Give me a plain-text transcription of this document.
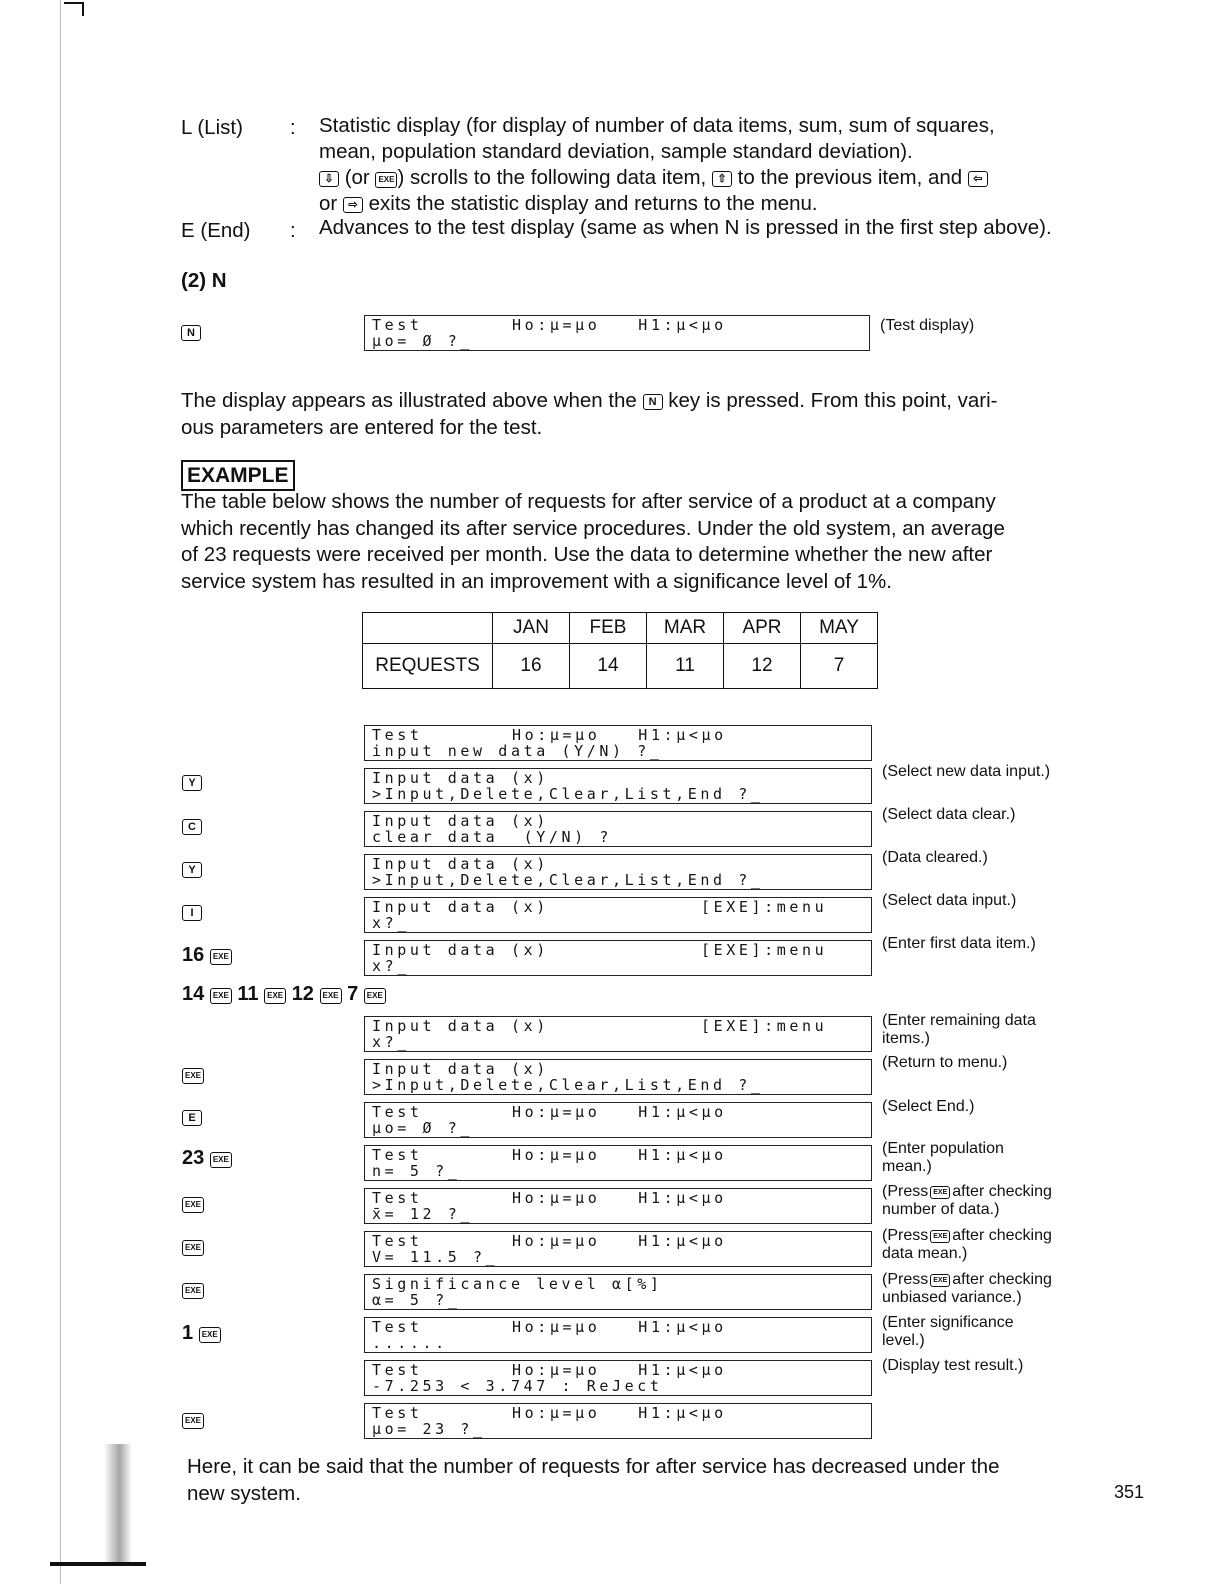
L (List) : Statistic display (for display of number of data items, sum, sum of squares,
mean, population standard deviation, sample standard deviation).
⇩ (or EXE ) scrolls to the following data item, ⇧ to the previous item, and ⇦
or ⇨ exits the statistic display and returns to the menu.
E (End) : Advances to the test display (same as when N is pressed in the first step above).
(2) N
N	Test	Ho:μ=μo   H1:μ<μo
μo= Ø ?_
(Test display)
The display appears as illustrated above when the N key is pressed. From this point, vari-
ous parameters are entered for the test.
EXAMPLE
The table below shows the number of requests for after service of a product at a company
which recently has changed its after service procedures. Under the old system, an average
of 23 requests were received per month. Use the data to determine whether the new after
service system has resulted in an improvement with a significance level of 1%.
	JAN	FEB	MAR	APR	MAY
REQUESTS	16	14	11	12	7
Test	Ho:μ=μo   H1:μ<μo
input new data (Y/N) ?_
Input data (x)
>Input,Delete,Clear,List,End ?_
Y
(Select new data input.)
Input data (x)
clear data  (Y/N) ?
C
(Select data clear.)
Input data (x)
>Input,Delete,Clear,List,End ?_
Y
(Data cleared.)
Input data (x)	[EXE]:menu
x?_
I
(Select data input.)
Input data (x)	[EXE]:menu
x?_
16 EXE
(Enter first data item.)
Input data (x)	[EXE]:menu
x?_
(Enter remaining data
items.)
Input data (x)
>Input,Delete,Clear,List,End ?_
EXE
(Return to menu.)
Test	Ho:μ=μo   H1:μ<μo
μo= Ø ?_
E
(Select End.)
Test	Ho:μ=μo   H1:μ<μo
n= 5 ?_
23 EXE
(Enter population
mean.)
Test	Ho:μ=μo   H1:μ<μo
x̄= 12 ?_
EXE
(Press EXE after checking
number of data.)
Test	Ho:μ=μo   H1:μ<μo
V= 11.5 ?_
EXE
(Press EXE after checking
data mean.)
Significance level α[%]
α= 5 ?_
EXE
(Press EXE after checking
unbiased variance.)
Test	Ho:μ=μo   H1:μ<μo
......
1 EXE
(Enter significance
level.)
Test	Ho:μ=μo   H1:μ<μo
-7.253 < 3.747 : ReJect
(Display test result.)
Test	Ho:μ=μo   H1:μ<μo
μo= 23 ?_
EXE
14 EXE 11 EXE 12 EXE 7 EXE
Here, it can be said that the number of requests for after service has decreased under the
new system.	351
